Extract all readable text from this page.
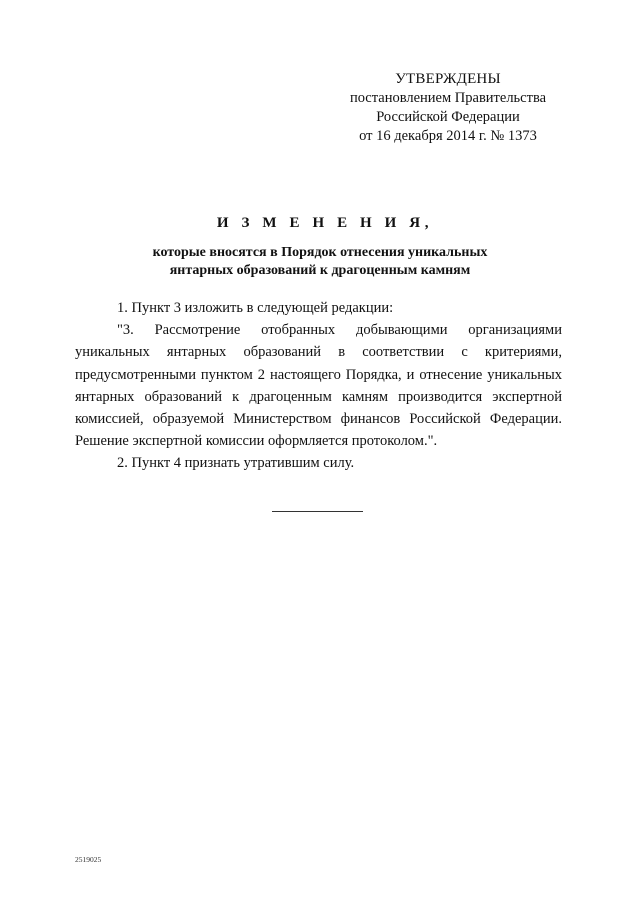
УТВЕРЖДЕНЫ
постановлением Правительства
Российской Федерации
от 16 декабря 2014 г. № 1373
И З М Е Н Е Н И Я,
которые вносятся в Порядок отнесения уникальных
янтарных образований к драгоценным камням

1. Пункт 3 изложить в следующей редакции:

"3. Рассмотрение отобранных добывающими организациями уникальных янтарных образований в соответствии с критериями, предусмотренными пунктом 2 настоящего Порядка, и отнесение уникальных янтарных образований к драгоценным камням производится экспертной комиссией, образуемой Министерством финансов Российской Федерации. Решение экспертной комиссии оформляется протоколом.".

2. Пункт 4 признать утратившим силу.

2519025
